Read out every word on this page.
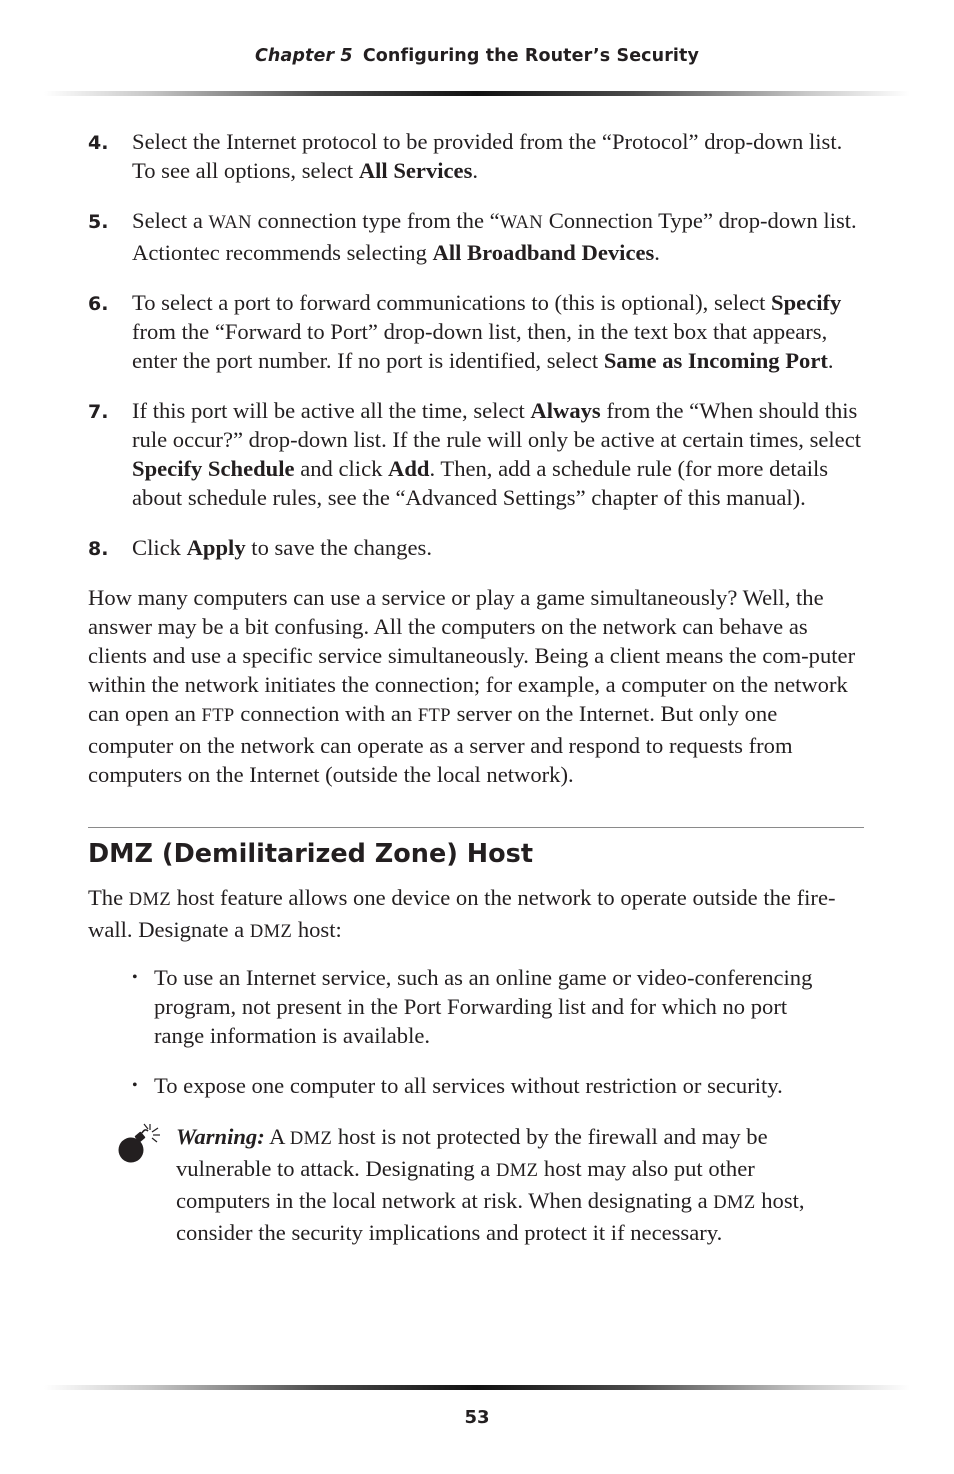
Chapter 5 Configuring the Router’s Security
4. Select the Internet protocol to be provided from the “Protocol” drop-down list. To see all options, select All Services.
5. Select a WAN connection type from the “WAN Connection Type” drop-down list. Actiontec recommends selecting All Broadband Devices.
6. To select a port to forward communications to (this is optional), select Specify from the “Forward to Port” drop-down list, then, in the text box that appears, enter the port number. If no port is identified, select Same as Incoming Port.
7. If this port will be active all the time, select Always from the “When should this rule occur?” drop-down list. If the rule will only be active at certain times, select Specify Schedule and click Add. Then, add a schedule rule (for more details about schedule rules, see the “Advanced Settings” chapter of this manual).
8. Click Apply to save the changes.

How many computers can use a service or play a game simultaneously? Well, the answer may be a bit confusing. All the computers on the network can behave as clients and use a specific service simultaneously. Being a client means the com-puter within the network initiates the connection; for example, a computer on the network can open an FTP connection with an FTP server on the Internet. But only one computer on the network can operate as a server and respond to requests from computers on the Internet (outside the local network).

DMZ (Demilitarized Zone) Host

The DMZ host feature allows one device on the network to operate outside the fire-wall. Designate a DMZ host:

• To use an Internet service, such as an online game or video-conferencing program, not present in the Port Forwarding list and for which no port range information is available.
• To expose one computer to all services without restriction or security.

Warning: A DMZ host is not protected by the firewall and may be vulnerable to attack. Designating a DMZ host may also put other computers in the local network at risk. When designating a DMZ host, consider the security implications and protect it if necessary.

53
